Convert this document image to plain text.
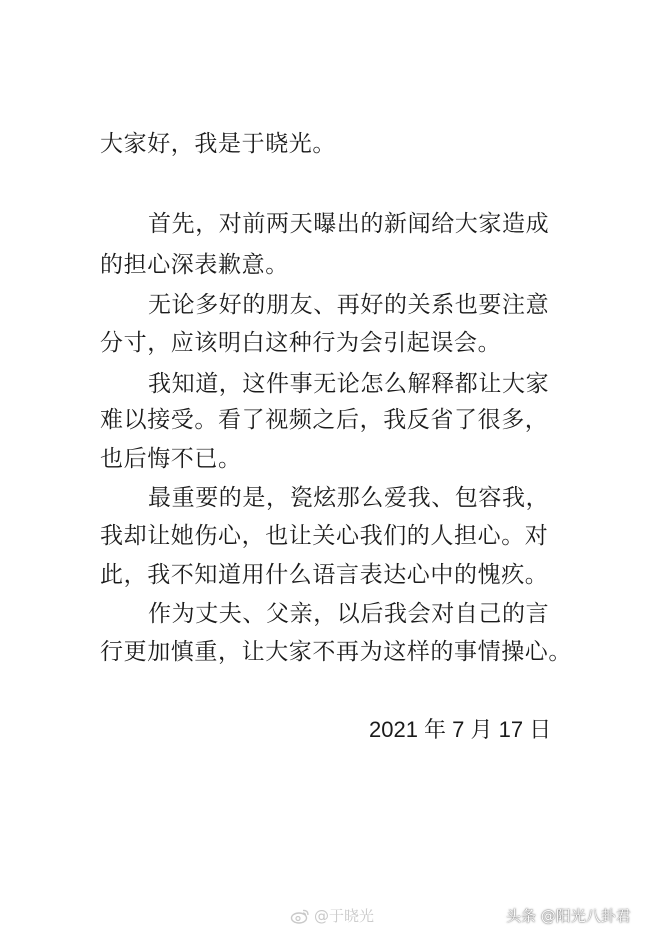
大家好，我是于晓光。
首先，对前两天曝出的新闻给大家造成
的担心深表歉意。
无论多好的朋友、再好的关系也要注意
分寸，应该明白这种行为会引起误会。
我知道，这件事无论怎么解释都让大家
难以接受。看了视频之后，我反省了很多，
也后悔不已。
最重要的是，瓷炫那么爱我、包容我，
我却让她伤心，也让关心我们的人担心。对
此，我不知道用什么语言表达心中的愧疚。
作为丈夫、父亲，以后我会对自己的言
行更加慎重，让大家不再为这样的事情操心。
2021 年 7 月 17 日
@于晓光	头条 @阳光八卦君
